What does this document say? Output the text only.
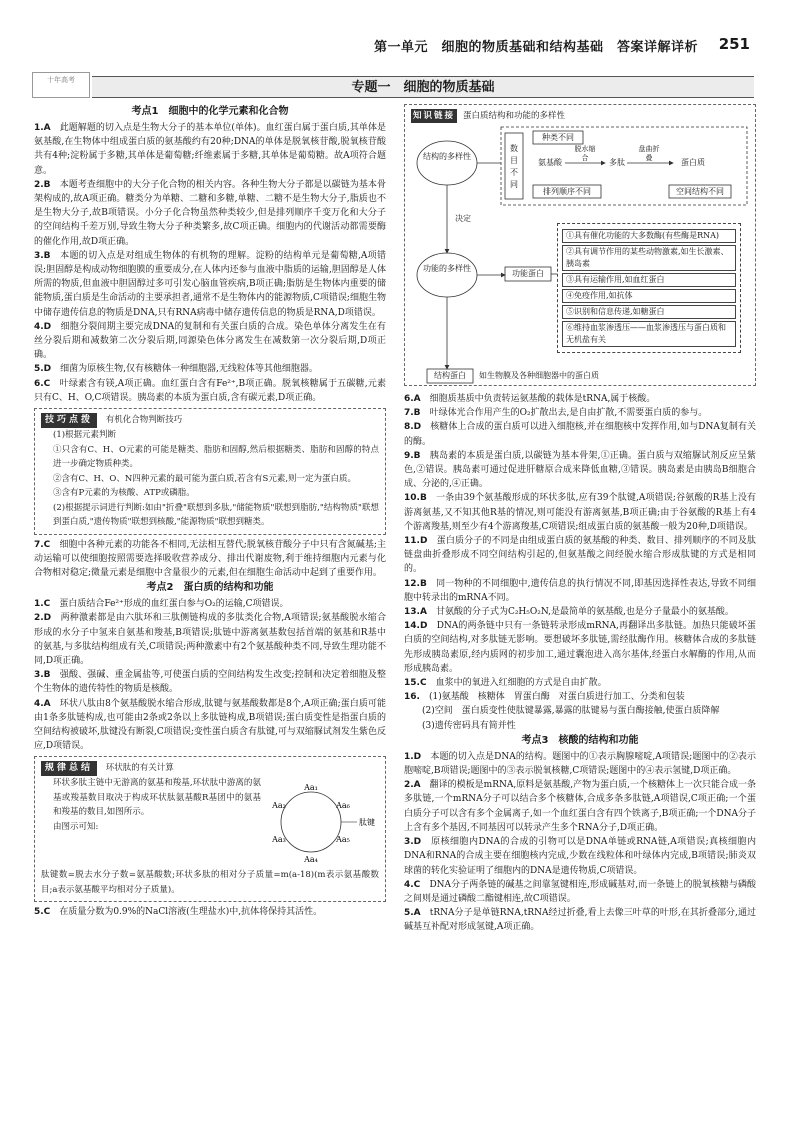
第一单元　细胞的物质基础和结构基础　答案详解详析 251
十年高考	专题一　细胞的物质基础
考点1　细胞中的化学元素和化合物

1.A　 此题解题的切入点是生物大分子的基本单位(单体)。血红蛋白属于蛋白质,其单体是氨基酸,在生物体中组成蛋白质的氨基酸约有20种;DNA的单体是脱氧核苷酸,脱氧核苷酸共有4种;淀粉属于多糖,其单体是葡萄糖;纤维素属于多糖,其单体是葡萄糖。故A项符合题意。

2.B　 本题考查细胞中的大分子化合物的相关内容。各种生物大分子都是以碳链为基本骨架构成的,故A项正确。糖类分为单糖、二糖和多糖,单糖、二糖不是生物大分子,脂质也不是生物大分子,故B项错误。小分子化合物虽然种类较少,但是排列顺序千变万化和大分子的空间结构千差万别,导致生物大分子种类繁多,故C项正确。细胞内的代谢活动都需要酶的催化作用,故D项正确。

3.B　 本题的切入点是对组成生物体的有机物的理解。淀粉的结构单元是葡萄糖,A项错误;胆固醇是构成动物细胞膜的重要成分,在人体内还参与血液中脂质的运输,胆固醇是人体所需的物质,但血液中胆固醇过多可引发心脑血管疾病,B项正确;脂肪是生物体内重要的储能物质,蛋白质是生命活动的主要承担者,通常不是生物体内的能源物质,C项错误;细胞生物中储存遗传信息的物质是DNA,只有RNA病毒中储存遗传信息的物质是RNA,D项错误。

4.D　 细胞分裂间期主要完成DNA的复制和有关蛋白质的合成。染色单体分离发生在有丝分裂后期和减数第二次分裂后期,同源染色体分离发生在减数第一次分裂后期,D项正确。

5.D　 细菌为原核生物,仅有核糖体一种细胞器,无线粒体等其他细胞器。

6.C　 叶绿素含有镁,A项正确。血红蛋白含有Fe²⁺,B项正确。脱氧核糖属于五碳糖,元素只有C、H、O,C项错误。胰岛素的本质为蛋白质,含有碳元素,D项正确。

技巧点拨 有机化合物判断技巧
(1)根据元素判断
①只含有C、H、O元素的可能是糖类、脂肪和固醇,然后根据糖类、脂肪和固醇的特点进一步确定物质种类。
②含有C、H、O、N四种元素的最可能为蛋白质,若含有S元素,则一定为蛋白质。
③含有P元素的为核酸、ATP或磷脂。
(2)根据提示词进行判断:如由"折叠"联想到多肽,"储能物质"联想到脂肪,"结构物质"联想到蛋白质,"遗传物质"联想到核酸,"能源物质"联想到糖类。

7.C　 细胞中各种元素的功能各不相同,无法相互替代;脱氧核苷酸分子中只有含氮碱基;主动运输可以使细胞按照需要选择吸收营养成分、排出代谢废物,利于维持细胞内元素与化合物相对稳定;微量元素是细胞中含量很少的元素,但在细胞生命活动中起到了重要作用。

考点2　蛋白质的结构和功能

1.C　 蛋白质结合Fe²⁺形成的血红蛋白参与O₂的运输,C项错误。

2.D　 两种激素都是由六肽环和三肽侧链构成的多肽类化合物,A项错误;氨基酸脱水缩合形成的水分子中氢来自氨基和羧基,B项错误;肽链中游离氨基数包括首端的氨基和R基中的氨基,与多肽结构组成有关,C项错误;两种激素中有2个氨基酸种类不同,导致生理功能不同,D项正确。

3.B　 强酸、强碱、重金属盐等,可使蛋白质的空间结构发生改变;控制和决定着细胞及整个生物体的遗传特性的物质是核酸。

4.A　 环状八肽由8个氨基酸脱水缩合形成,肽键与氨基酸数都是8个,A项正确;蛋白质可能由1条多肽链构成,也可能由2条或2条以上多肽链构成,B项错误;蛋白质变性是指蛋白质的空间结构被破坏,肽键没有断裂,C项错误;变性蛋白质含有肽键,可与双缩脲试剂发生紫色反应,D项错误。

规律总结 环状肽的有关计算
环状多肽主链中无游离的氨基和羧基,环状肽中游离的氨基或羧基数目取决于构成环状肽氨基酸R基团中的氨基和羧基的数目,如图所示。
由图示可知:
Aa₁
Aa₆
Aa₅
Aa₄
Aa₃
Aa₂
肽键
肽键数=脱去水分子数=氨基酸数;环状多肽的相对分子质量=m(a-18)(m表示氨基酸数目;a表示氨基酸平均相对分子质量)。

5.C　 在质量分数为0.9%的NaCl溶液(生理盐水)中,抗体将保持其活性。

知识链接 蛋白质结构和功能的多样性
结构的多样性
数目不同
种类不同
排列顺序不同	空间结构不同
氨基酸	多肽	蛋白质
脱水缩合
盘曲折叠
决定
功能的多样性
功能蛋白
①具有催化功能的大多数酶(有些酶是RNA)
②具有调节作用的某些动物激素,如生长激素、胰岛素
③具有运输作用,如血红蛋白
④免疫作用,如抗体
⑤识别和信息传递,如糖蛋白
⑥维持血浆渗透压——血浆渗透压与蛋白质和无机盐有关
结构蛋白	如生物膜及各种细胞器中的蛋白质

6.A　 细胞质基质中负责转运氨基酸的载体是tRNA,属于核酸。

7.B　 叶绿体光合作用产生的O₂扩散出去,是自由扩散,不需要蛋白质的参与。

8.D　 核糖体上合成的蛋白质可以进入细胞核,并在细胞核中发挥作用,如与DNA复制有关的酶。

9.B　 胰岛素的本质是蛋白质,以碳链为基本骨架,①正确。蛋白质与双缩脲试剂反应呈紫色,②错误。胰岛素可通过促进肝糖原合成来降低血糖,③错误。胰岛素是由胰岛B细胞合成、分泌的,④正确。

10.B　 一条由39个氨基酸形成的环状多肽,应有39个肽键,A项错误;谷氨酸的R基上没有游离氨基,又不知其他R基的情况,则可能没有游离氨基,B项正确;由于谷氨酸的R基上有4个游离羧基,则至少有4个游离羧基,C项错误;组成蛋白质的氨基酸一般为20种,D项错误。

11.D　 蛋白质分子的不同是由组成蛋白质的氨基酸的种类、数目、排列顺序的不同及肽链盘曲折叠形成不同空间结构引起的,但氨基酸之间经脱水缩合形成肽键的方式是相同的。

12.B　 同一物种的不同细胞中,遗传信息的执行情况不同,即基因选择性表达,导致不同细胞中转录出的mRNA不同。

13.A　 甘氨酸的分子式为C₂H₅O₂N,是最简单的氨基酸,也是分子量最小的氨基酸。

14.D　 DNA的两条链中只有一条链转录形成mRNA,再翻译出多肽链。加热只能破坏蛋白质的空间结构,对多肽链无影响。要想破坏多肽链,需经肽酶作用。核糖体合成的多肽链先形成胰岛素原,经内质网的初步加工,通过囊泡进入高尔基体,经蛋白水解酶的作用,从而形成胰岛素。

15.C　 血浆中的氧进入红细胞的方式是自由扩散。

16.　 (1)氨基酸　核糖体　胃蛋白酶　对蛋白质进行加工、分类和包装

　　(2)空间　蛋白质变性使肽键暴露,暴露的肽键易与蛋白酶接触,使蛋白质降解

　　(3)遗传密码具有简并性

考点3　核酸的结构和功能

1.D　 本题的切入点是DNA的结构。题图中的①表示胸腺嘧啶,A项错误;题图中的②表示胞嘧啶,B项错误;题图中的③表示脱氧核糖,C项错误;题图中的④表示氢键,D项正确。

2.A　 翻译的模板是mRNA,原料是氨基酸,产物为蛋白质,一个核糖体上一次只能合成一条多肽链,一个mRNA分子可以结合多个核糖体,合成多条多肽链,A项错误,C项正确;一个蛋白质分子可以含有多个金属离子,如一个血红蛋白含有四个铁离子,B项正确;一个DNA分子上含有多个基因,不同基因可以转录产生多个RNA分子,D项正确。

3.D　 原核细胞内DNA的合成的引物可以是DNA单链或RNA链,A项错误;真核细胞内DNA和RNA的合成主要在细胞核内完成,少数在线粒体和叶绿体内完成,B项错误;肺炎双球菌的转化实验证明了细胞内的DNA是遗传物质,C项错误。

4.C　 DNA分子两条链的碱基之间靠氢键相连,形成碱基对,而一条链上的脱氧核糖与磷酸之间则是通过磷酸二酯键相连,故C项错误。

5.A　 tRNA分子是单链RNA,tRNA经过折叠,看上去像三叶草的叶形,在其折叠部分,通过碱基互补配对形成氢键,A项正确。
